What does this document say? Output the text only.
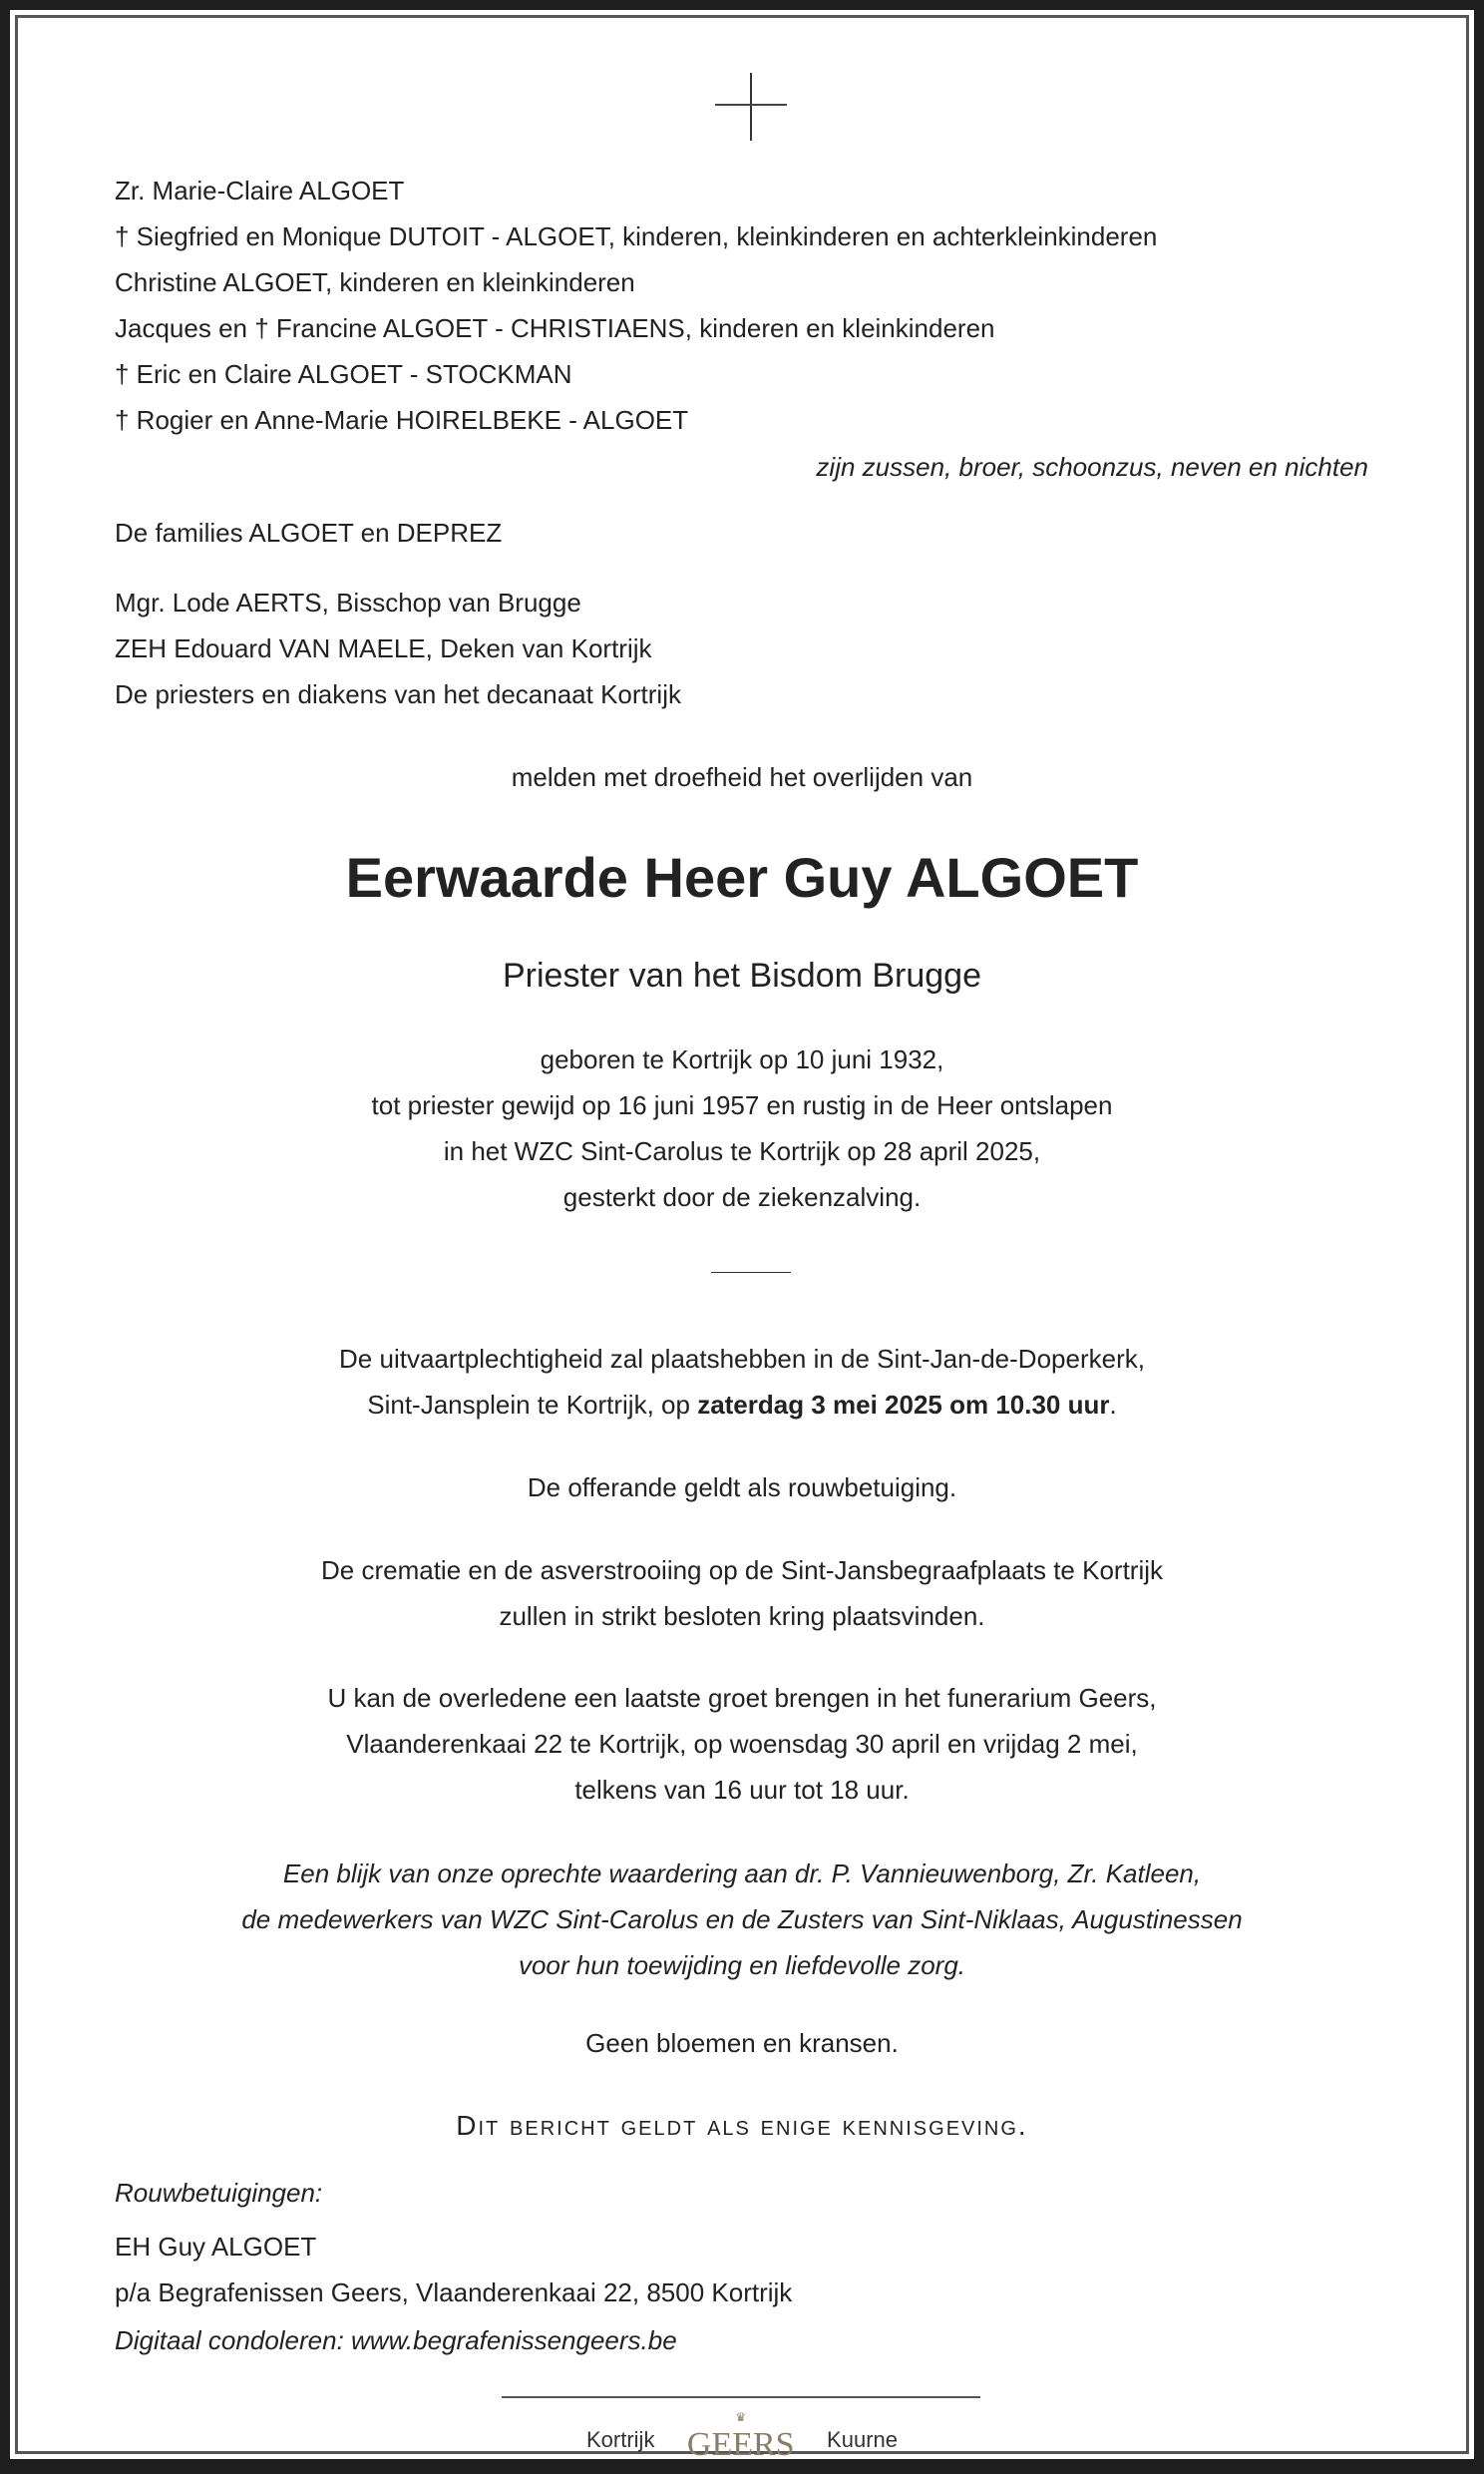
Zr. Marie-Claire ALGOET
† Siegfried en Monique DUTOIT - ALGOET, kinderen, kleinkinderen en achterkleinkinderen
Christine ALGOET, kinderen en kleinkinderen
Jacques en † Francine ALGOET - CHRISTIAENS, kinderen en kleinkinderen
† Eric en Claire ALGOET - STOCKMAN
† Rogier en Anne-Marie HOIRELBEKE - ALGOET
zijn zussen, broer, schoonzus, neven en nichten
De families ALGOET en DEPREZ
Mgr. Lode AERTS, Bisschop van Brugge
ZEH Edouard VAN MAELE, Deken van Kortrijk
De priesters en diakens van het decanaat Kortrijk
melden met droefheid het overlijden van
Eerwaarde Heer Guy ALGOET
Priester van het Bisdom Brugge
geboren te Kortrijk op 10 juni 1932,
tot priester gewijd op 16 juni 1957 en rustig in de Heer ontslapen
in het WZC Sint-Carolus te Kortrijk op 28 april 2025,
gesterkt door de ziekenzalving.
De uitvaartplechtigheid zal plaatshebben in de Sint-Jan-de-Doperkerk,
Sint-Jansplein te Kortrijk, op zaterdag 3 mei 2025 om 10.30 uur.
De offerande geldt als rouwbetuiging.
De crematie en de asverstrooiing op de Sint-Jansbegraafplaats te Kortrijk
zullen in strikt besloten kring plaatsvinden.
U kan de overledene een laatste groet brengen in het funerarium Geers,
Vlaanderenkaai 22 te Kortrijk, op woensdag 30 april en vrijdag 2 mei,
telkens van 16 uur tot 18 uur.
Een blijk van onze oprechte waardering aan dr. P. Vannieuwenborg, Zr. Katleen,
de medewerkers van WZC Sint-Carolus en de Zusters van Sint-Niklaas, Augustinessen
voor hun toewijding en liefdevolle zorg.
Geen bloemen en kransen.
Dit bericht geldt als enige kennisgeving.
Rouwbetuigingen:
EH Guy ALGOET
p/a Begrafenissen Geers, Vlaanderenkaai 22, 8500 Kortrijk
Digitaal condoleren: www.begrafenissengeers.be
Kortrijk
♛
GEERS Kuurne
